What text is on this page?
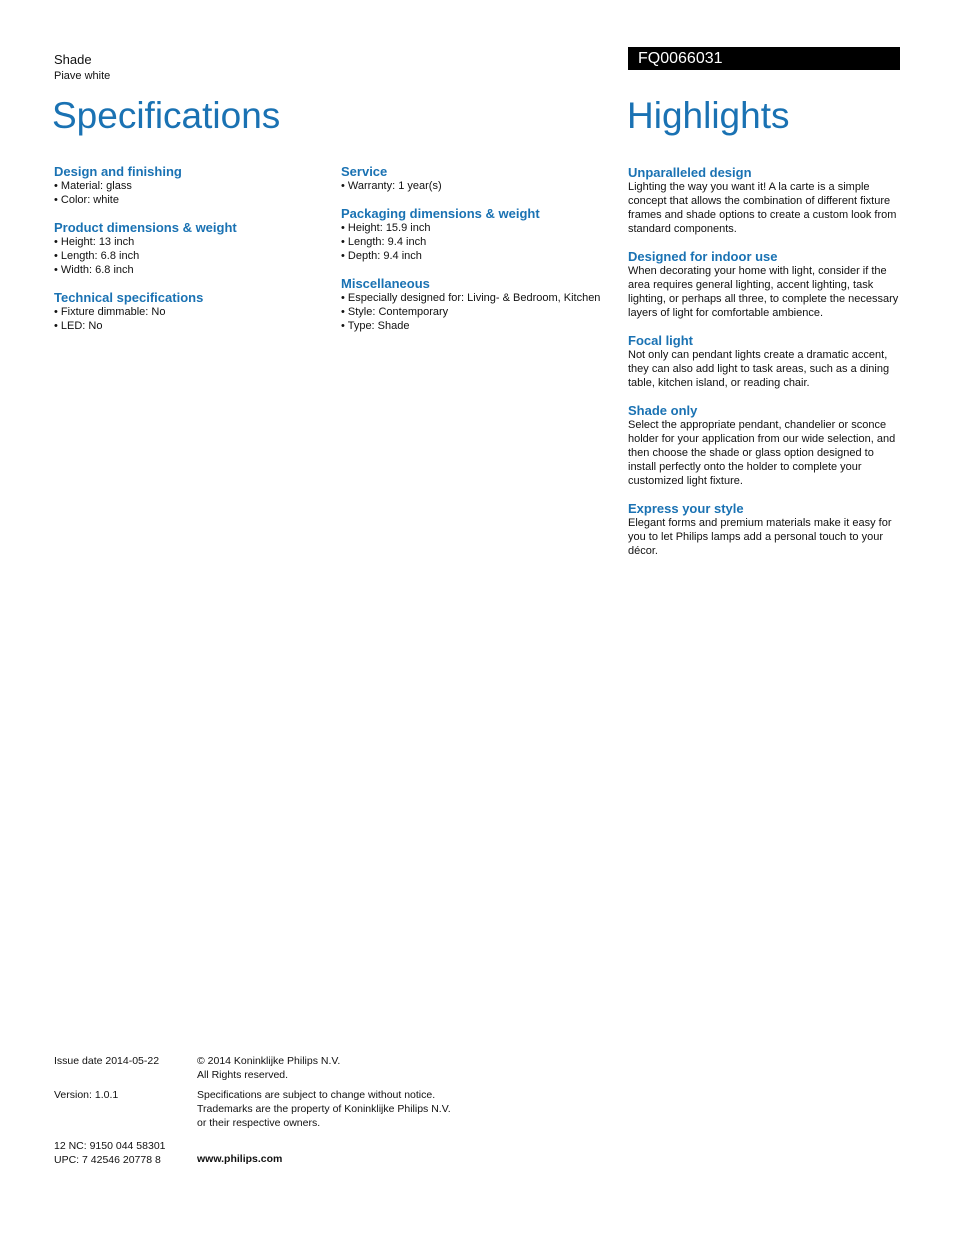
Shade
Piave white
FQ0066031
Specifications	Highlights
Design and finishing
• Material: glass
• Color: white
Product dimensions & weight
• Height: 13 inch
• Length: 6.8 inch
• Width: 6.8 inch
Technical specifications
• Fixture dimmable: No
• LED: No
Service
• Warranty: 1 year(s)
Packaging dimensions & weight
• Height: 15.9 inch
• Length: 9.4 inch
• Depth: 9.4 inch
Miscellaneous
• Especially designed for: Living- & Bedroom, Kitchen
• Style: Contemporary
• Type: Shade
Unparalleled design
Lighting the way you want it! A la carte is a simple concept that allows the combination of different fixture frames and shade options to create a custom look from standard components.
Designed for indoor use
When decorating your home with light, consider if the area requires general lighting, accent lighting, task lighting, or perhaps all three, to complete the necessary layers of light for comfortable ambience.
Focal light
Not only can pendant lights create a dramatic accent, they can also add light to task areas, such as a dining table, kitchen island, or reading chair.
Shade only
Select the appropriate pendant, chandelier or sconce holder for your application from our wide selection, and then choose the shade or glass option designed to install perfectly onto the holder to complete your customized light fixture.
Express your style
Elegant forms and premium materials make it easy for you to let Philips lamps add a personal touch to your décor.
Issue date 2014-05-22
Version: 1.0.1
12 NC: 9150 044 58301
UPC: 7 42546 20778 8
© 2014 Koninklijke Philips N.V.
All Rights reserved.
Specifications are subject to change without notice.
Trademarks are the property of Koninklijke Philips N.V.
or their respective owners.
www.philips.com
